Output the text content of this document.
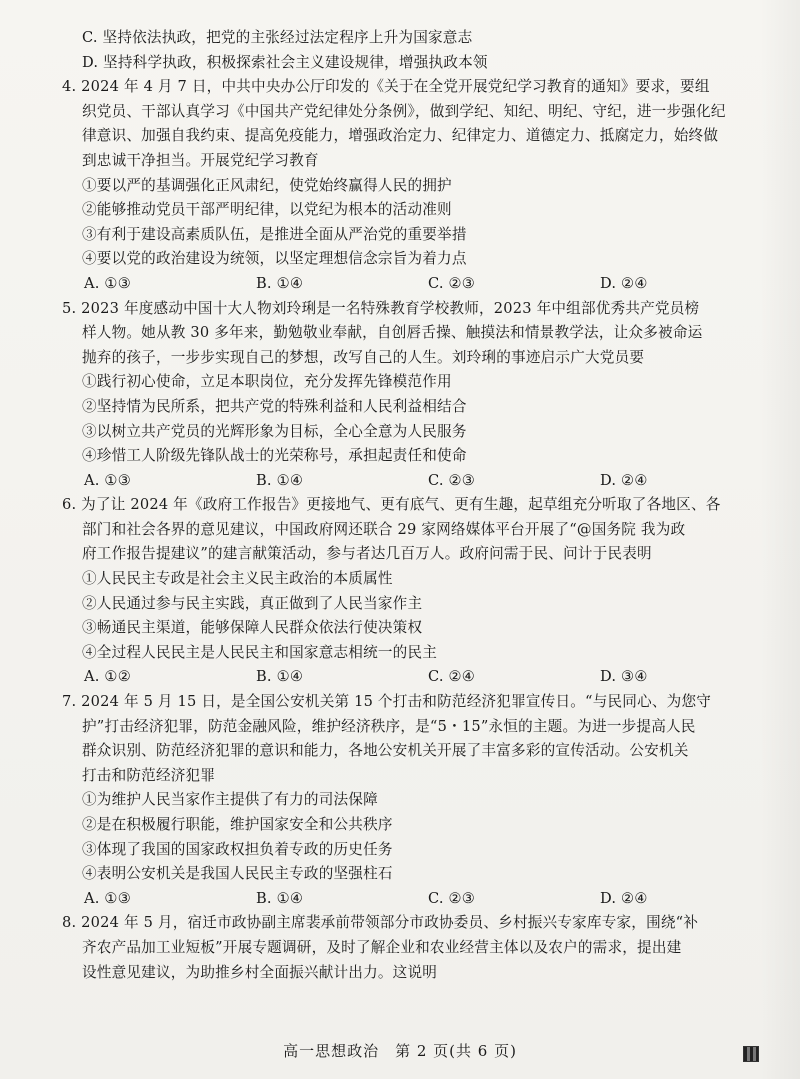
C. 坚持依法执政，把党的主张经过法定程序上升为国家意志
D. 坚持科学执政，积极探索社会主义建设规律，增强执政本领
4. 2024 年 4 月 7 日，中共中央办公厅印发的《关于在全党开展党纪学习教育的通知》要求，要组
织党员、干部认真学习《中国共产党纪律处分条例》，做到学纪、知纪、明纪、守纪，进一步强化纪
律意识、加强自我约束、提高免疫能力，增强政治定力、纪律定力、道德定力、抵腐定力，始终做
到忠诚干净担当。开展党纪学习教育
①要以严的基调强化正风肃纪，使党始终赢得人民的拥护
②能够推动党员干部严明纪律，以党纪为根本的活动准则
③有利于建设高素质队伍，是推进全面从严治党的重要举措
④要以党的政治建设为统领，以坚定理想信念宗旨为着力点
A. ①③	B. ①④	C. ②③	D. ②④
5. 2023 年度感动中国十大人物刘玲琍是一名特殊教育学校教师，2023 年中组部优秀共产党员榜
样人物。她从教 30 多年来，勤勉敬业奉献，自创唇舌操、触摸法和情景教学法，让众多被命运
抛弃的孩子，一步步实现自己的梦想，改写自己的人生。刘玲琍的事迹启示广大党员要
①践行初心使命，立足本职岗位，充分发挥先锋模范作用
②坚持情为民所系，把共产党的特殊利益和人民利益相结合
③以树立共产党员的光辉形象为目标，全心全意为人民服务
④珍惜工人阶级先锋队战士的光荣称号，承担起责任和使命
A. ①③	B. ①④	C. ②③	D. ②④
6. 为了让 2024 年《政府工作报告》更接地气、更有底气、更有生趣，起草组充分听取了各地区、各
部门和社会各界的意见建议，中国政府网还联合 29 家网络媒体平台开展了“@国务院 我为政
府工作报告提建议”的建言献策活动，参与者达几百万人。政府问需于民、问计于民表明
①人民民主专政是社会主义民主政治的本质属性
②人民通过参与民主实践，真正做到了人民当家作主
③畅通民主渠道，能够保障人民群众依法行使决策权
④全过程人民民主是人民民主和国家意志相统一的民主
A. ①②	B. ①④	C. ②④	D. ③④
7. 2024 年 5 月 15 日，是全国公安机关第 15 个打击和防范经济犯罪宣传日。“与民同心、为您守
护”打击经济犯罪，防范金融风险，维护经济秩序，是“5・15”永恒的主题。为进一步提高人民
群众识别、防范经济犯罪的意识和能力，各地公安机关开展了丰富多彩的宣传活动。公安机关
打击和防范经济犯罪
①为维护人民当家作主提供了有力的司法保障
②是在积极履行职能，维护国家安全和公共秩序
③体现了我国的国家政权担负着专政的历史任务
④表明公安机关是我国人民民主专政的坚强柱石
A. ①③	B. ①④	C. ②③	D. ②④
8. 2024 年 5 月，宿迁市政协副主席裴承前带领部分市政协委员、乡村振兴专家库专家，围绕“补
齐农产品加工业短板”开展专题调研，及时了解企业和农业经营主体以及农户的需求，提出建
设性意见建议，为助推乡村全面振兴献计出力。这说明
高一思想政治　第 2 页(共 6 页)
